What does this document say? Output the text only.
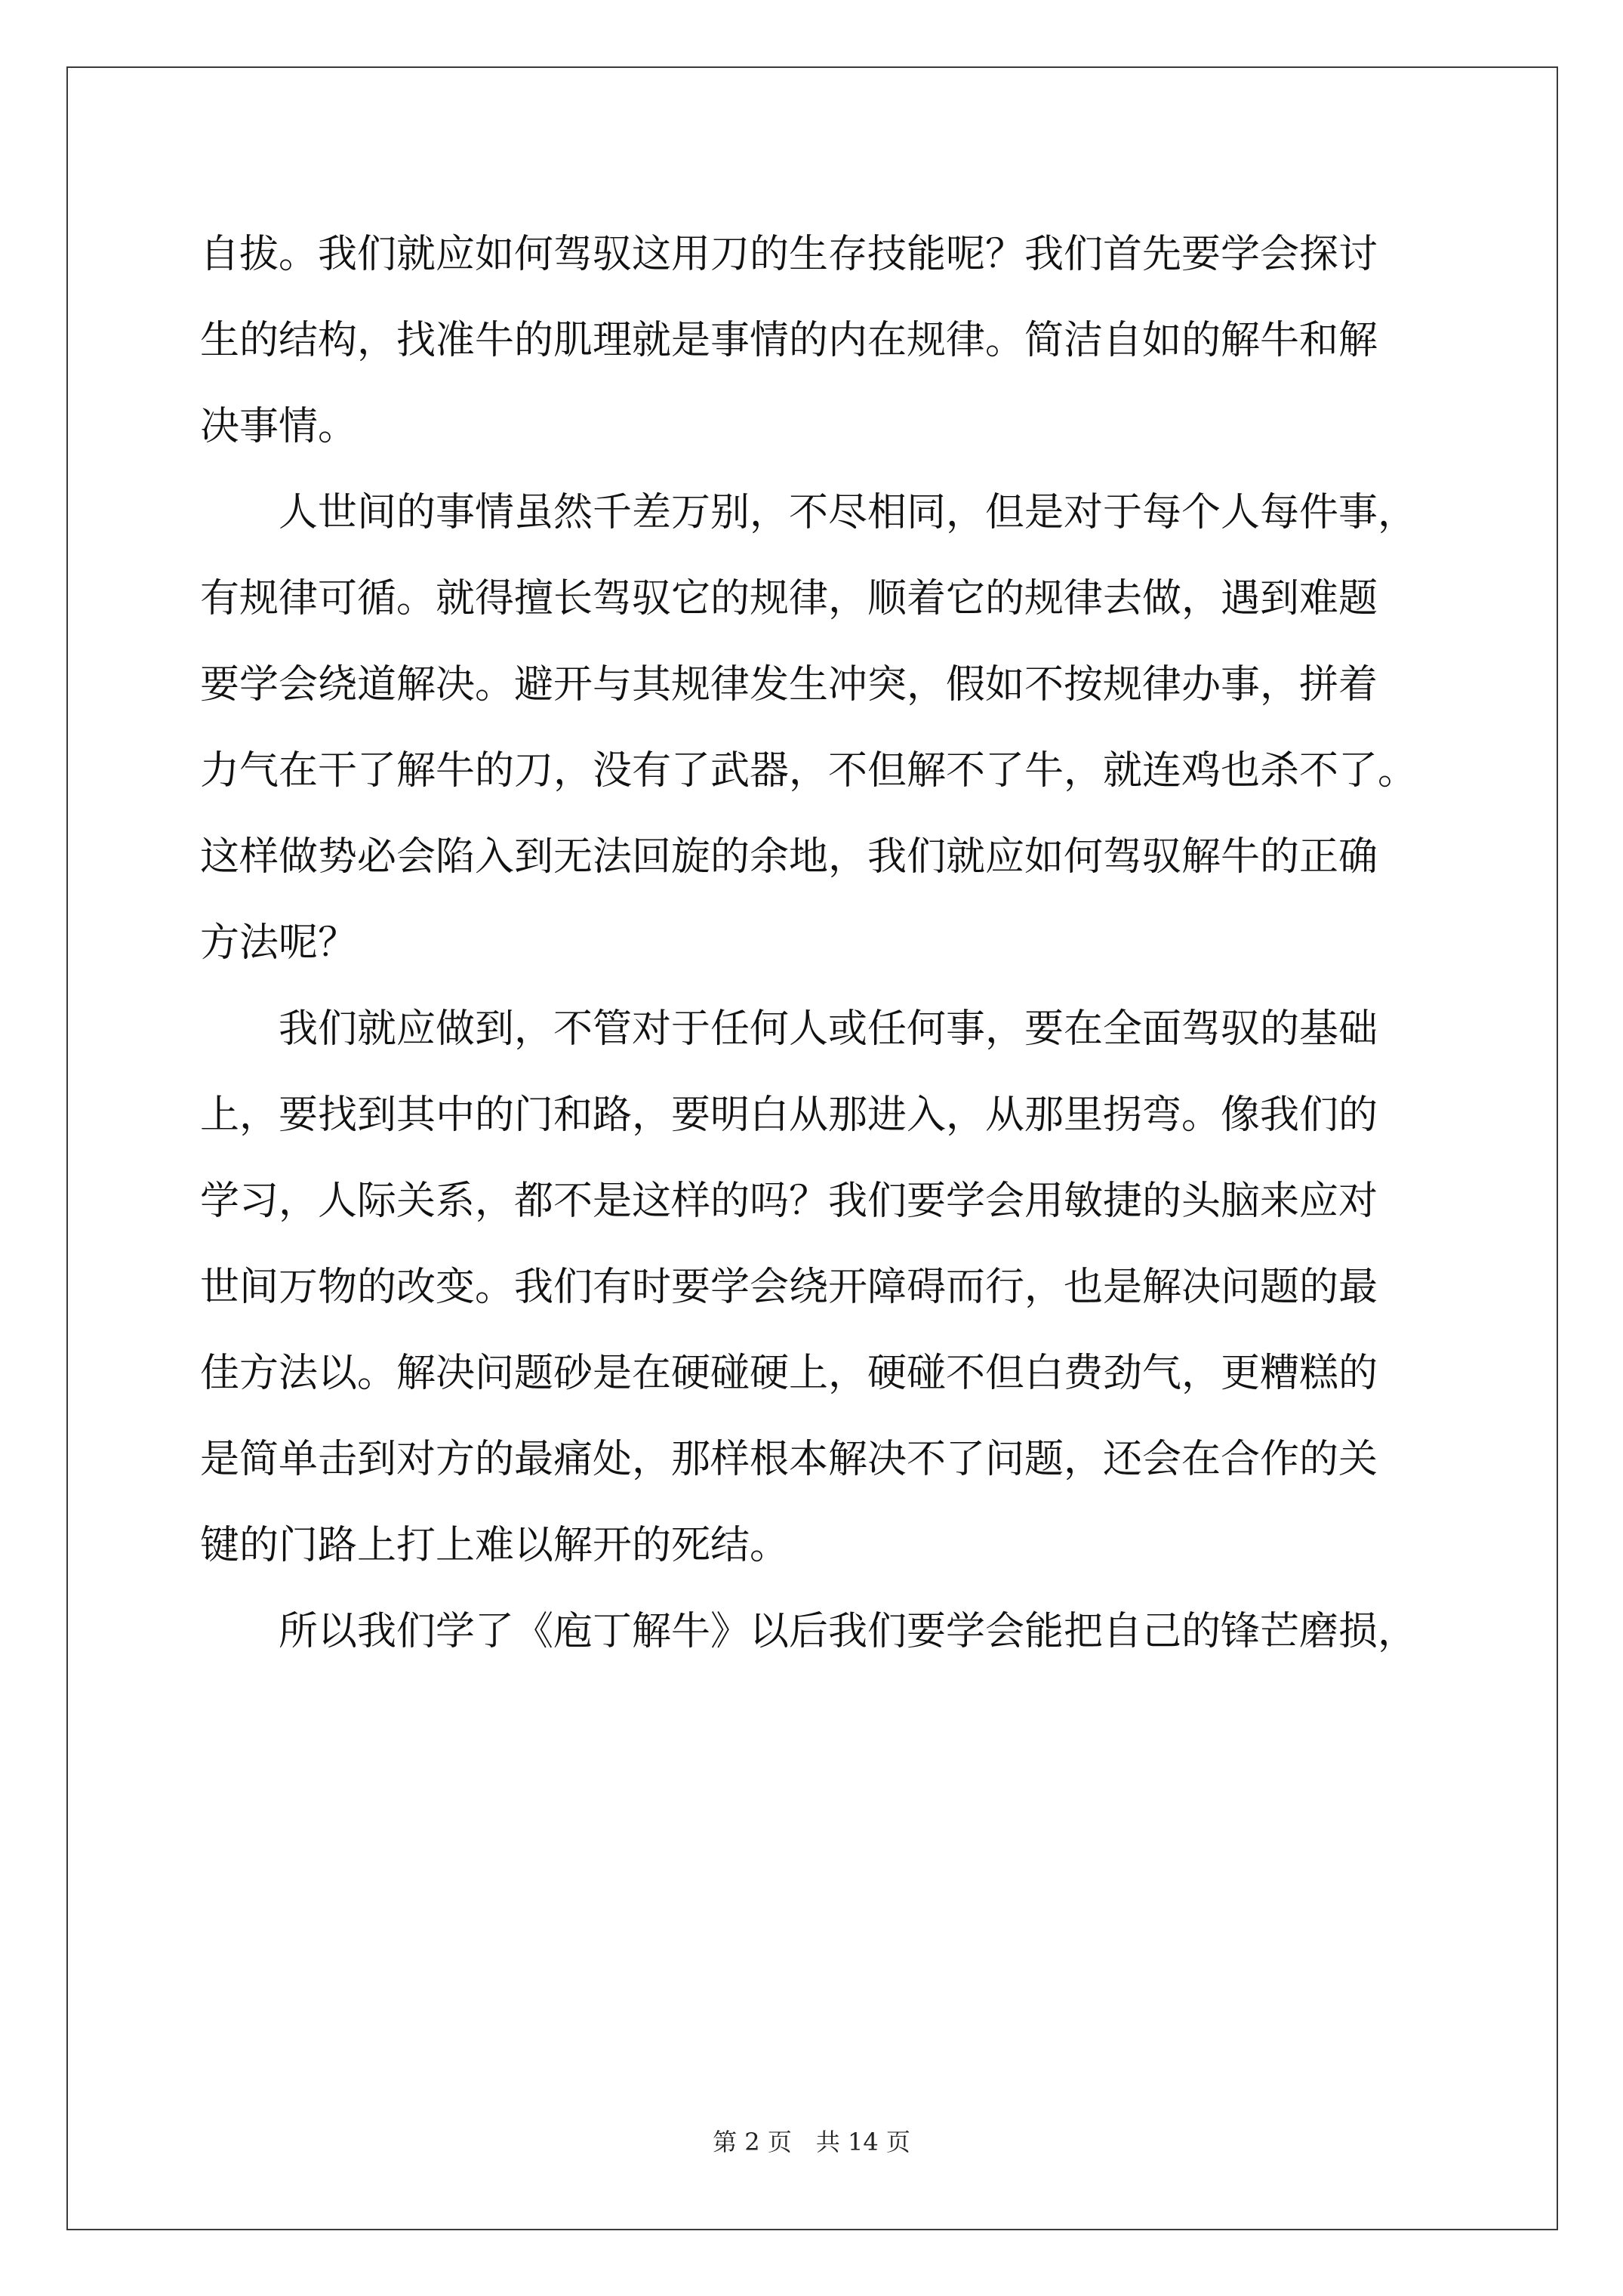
自拔。我们就应如何驾驭这用刀的生存技能呢？我们首先要学会探讨
生的结构，找准牛的肌理就是事情的内在规律。简洁自如的解牛和解
决事情。
人世间的事情虽然千差万别，不尽相同，但是对于每个人每件事，
有规律可循。就得擅长驾驭它的规律，顺着它的规律去做，遇到难题
要学会绕道解决。避开与其规律发生冲突，假如不按规律办事，拼着
力气在干了解牛的刀，没有了武器，不但解不了牛，就连鸡也杀不了。
这样做势必会陷入到无法回旋的余地，我们就应如何驾驭解牛的正确
方法呢？
我们就应做到，不管对于任何人或任何事，要在全面驾驭的基础
上，要找到其中的门和路，要明白从那进入，从那里拐弯。像我们的
学习，人际关系，都不是这样的吗？我们要学会用敏捷的头脑来应对
世间万物的改变。我们有时要学会绕开障碍而行，也是解决问题的最
佳方法以。解决问题砂是在硬碰硬上，硬碰不但白费劲气，更糟糕的
是简单击到对方的最痛处，那样根本解决不了问题，还会在合作的关
键的门路上打上难以解开的死结。
所以我们学了《庖丁解牛》以后我们要学会能把自己的锋芒磨损，
第 2 页　共 14 页
